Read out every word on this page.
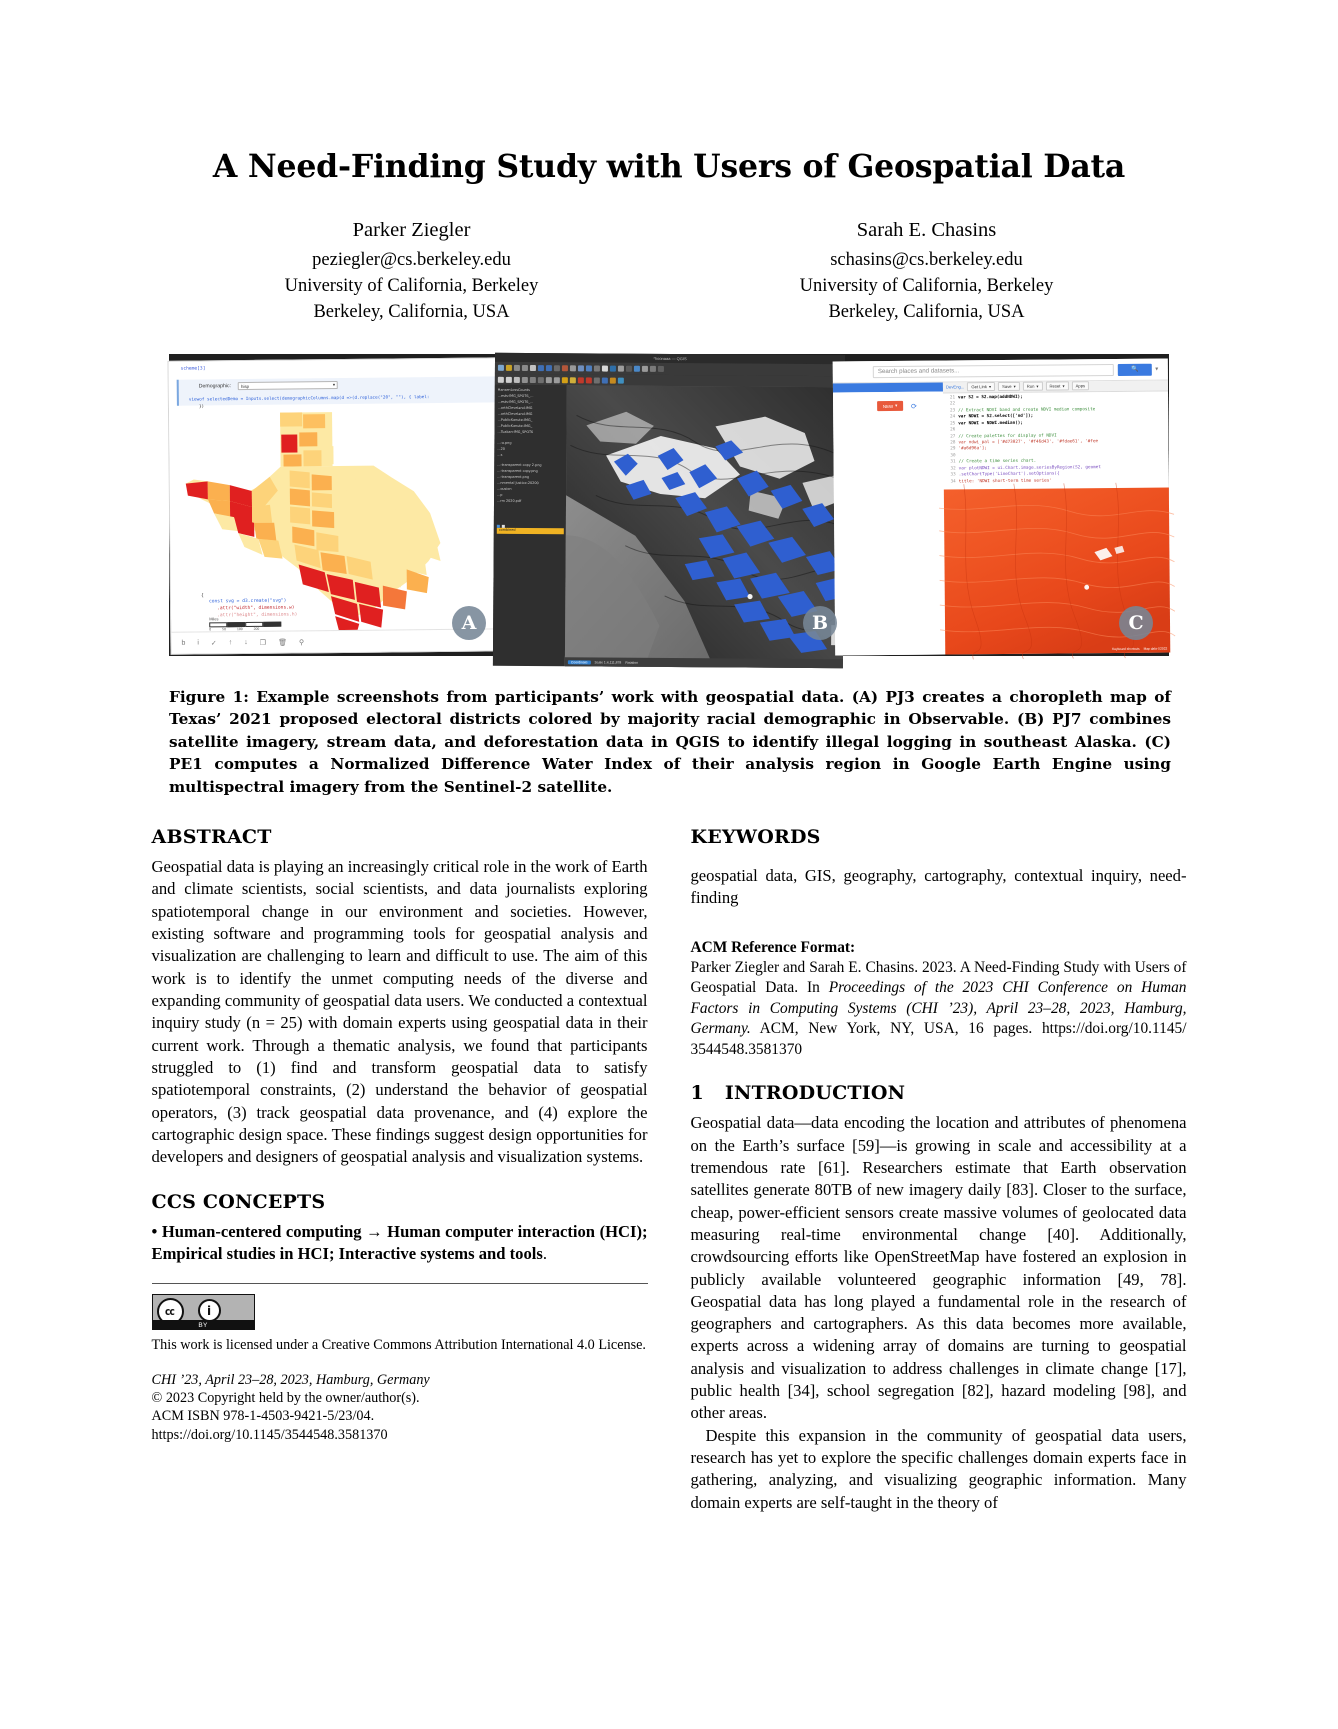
A Need-Finding Study with Users of Geospatial Data
Parker Ziegler
peziegler@cs.berkeley.edu
University of California, Berkeley
Berkeley, California, USA
Sarah E. Chasins
schasins@cs.berkeley.edu
University of California, Berkeley
Berkeley, California, USA
scheme[3]
Demographic: hisp	▾
viewof selectedDemo = Inputs.select(demographicColumns.map(d =>(d.replace("20", ""), { label:
})
Miles
0	50	100	200
{
const svg = d3.create("svg")
.attr("width", dimensions.w)
.attr("height", dimensions.h)
b i ✓ ↑ ↓ ❐ 🗑 ⚲
*hoonaaa — QGIS
HansenLossCounts
...ests-IMG_SPOT6_...
...ests-IMG_SPOT6_...
...orthCleveland-IMG
...orthCleveland-IMG
...PublicKanute-IMG_
...PublicKanute-IMG_
...Tuakan-IMG_SPOT6
...-a.png
...20
...s
...-transparent copy 2.png
...-transparent copy.png
...-transparent.png
...nmental Justice-20200
...ousion
...p
...rm 2020.pdf
combined
Coordinate	Scale 1:4,111,878 Rotation
Search places and datasets...	🔍	▾
NEW ▾ ⟳
DevEng... Get Link ▾	Save ▾	Run ▾	Reset ▾	Apps
21 var S2 = S2.map(addNDWI);
22
23 // Extract NDVI band and create NDVI median composite
24 var NDWI = S2.select(['nd']);
25 var NDWI = NDWI.median();
26
27 // Create palettes for display of NDVI
28 var ndwi_pal = ['#d73027', '#f46d43', '#fdae61', '#fee
29 '#a6d96a'];
30
31 // Create a time series chart.
32 var plotNDWI = ui.Chart.image.seriesByRegion(S2, geomet
33 .setChartType('LineChart').setOptions({
34 title: 'NDWI short-term time series'
Keyboard shortcuts Map data ©2022
A	B	C
Figure 1: Example screenshots from participants’ work with geospatial data. (A) PJ3 creates a choropleth map of Texas’ 2021 proposed electoral districts colored by majority racial demographic in Observable. (B) PJ7 combines satellite imagery, stream data, and deforestation data in QGIS to identify illegal logging in southeast Alaska. (C) PE1 computes a Normalized Difference Water Index of their analysis region in Google Earth Engine using multispectral imagery from the Sentinel-2 satellite.
ABSTRACT

Geospatial data is playing an increasingly critical role in the work of Earth and climate scientists, social scientists, and data journalists exploring spatiotemporal change in our environment and societies. However, existing software and programming tools for geospatial analysis and visualization are challenging to learn and difficult to use. The aim of this work is to identify the unmet computing needs of the diverse and expanding community of geospatial data users. We conducted a contextual inquiry study (n = 25) with domain experts using geospatial data in their current work. Through a thematic analysis, we found that participants struggled to (1) find and transform geospatial data to satisfy spatiotemporal constraints, (2) understand the behavior of geospatial operators, (3) track geospatial data provenance, and (4) explore the cartographic design space. These findings suggest design opportunities for developers and designers of geospatial analysis and visualization systems.

CCS CONCEPTS
• Human-centered computing → Human computer interaction (HCI); Empirical studies in HCI; Interactive systems and tools.
cc	i
BY
This work is licensed under a Creative Commons Attribution International 4.0 License.
CHI ’23, April 23–28, 2023, Hamburg, Germany
© 2023 Copyright held by the owner/author(s).
ACM ISBN 978-1-4503-9421-5/23/04.
https://doi.org/10.1145/3544548.3581370
KEYWORDS

geospatial data, GIS, geography, cartography, contextual inquiry, need-finding

ACM Reference Format:
Parker Ziegler and Sarah E. Chasins. 2023. A Need-Finding Study with Users of Geospatial Data. In Proceedings of the 2023 CHI Conference on Human Factors in Computing Systems (CHI ’23), April 23–28, 2023, Hamburg, Germany. ACM, New York, NY, USA, 16 pages. https://doi.org/10.1145/ 3544548.3581370
1 INTRODUCTION

Geospatial data—data encoding the location and attributes of phenomena on the Earth’s surface [59]—is growing in scale and accessibility at a tremendous rate [61]. Researchers estimate that Earth observation satellites generate 80TB of new imagery daily [83]. Closer to the surface, cheap, power-efficient sensors create massive volumes of geolocated data measuring real-time environmental change [40]. Additionally, crowdsourcing efforts like OpenStreetMap have fostered an explosion in publicly available volunteered geographic information [49, 78]. Geospatial data has long played a fundamental role in the research of geographers and cartographers. As this data becomes more available, experts across a widening array of domains are turning to geospatial analysis and visualization to address challenges in climate change [17], public health [34], school segregation [82], hazard modeling [98], and other areas.

Despite this expansion in the community of geospatial data users, research has yet to explore the specific challenges domain experts face in gathering, analyzing, and visualizing geographic information. Many domain experts are self-taught in the theory of
